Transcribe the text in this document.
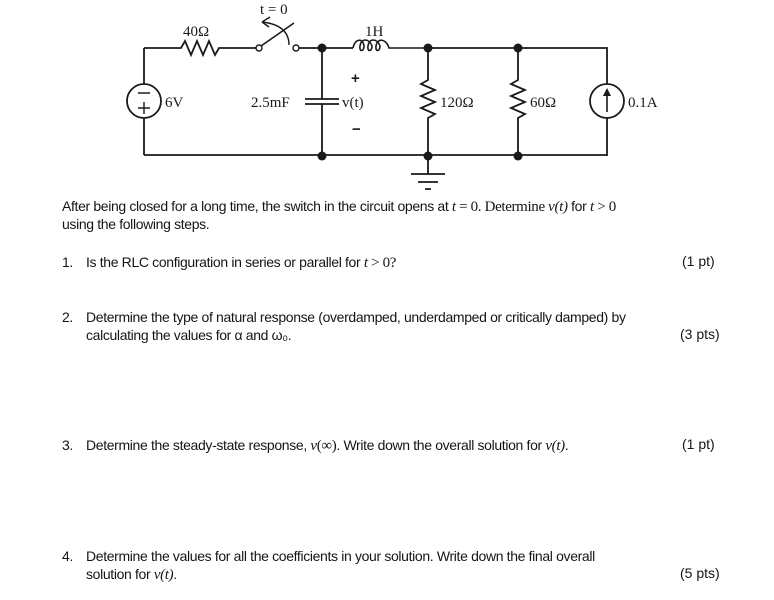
t = 0
40Ω
6V	2.5mF
1H
+
v(t)
−
120Ω	60Ω	0.1A
After being closed for a long time, the switch in the circuit opens at t = 0. Determine v(t) for t > 0
using the following steps.
1. Is the RLC configuration in series or parallel for t > 0?	(1 pt)
2. Determine the type of natural response (overdamped, underdamped or critically damped) by
calculating the values for α and ω₀.	(3 pts)
3. Determine the steady-state response, v(∞). Write down the overall solution for v(t).	(1 pt)
4. Determine the values for all the coefficients in your solution. Write down the final overall
solution for v(t).	(5 pts)
